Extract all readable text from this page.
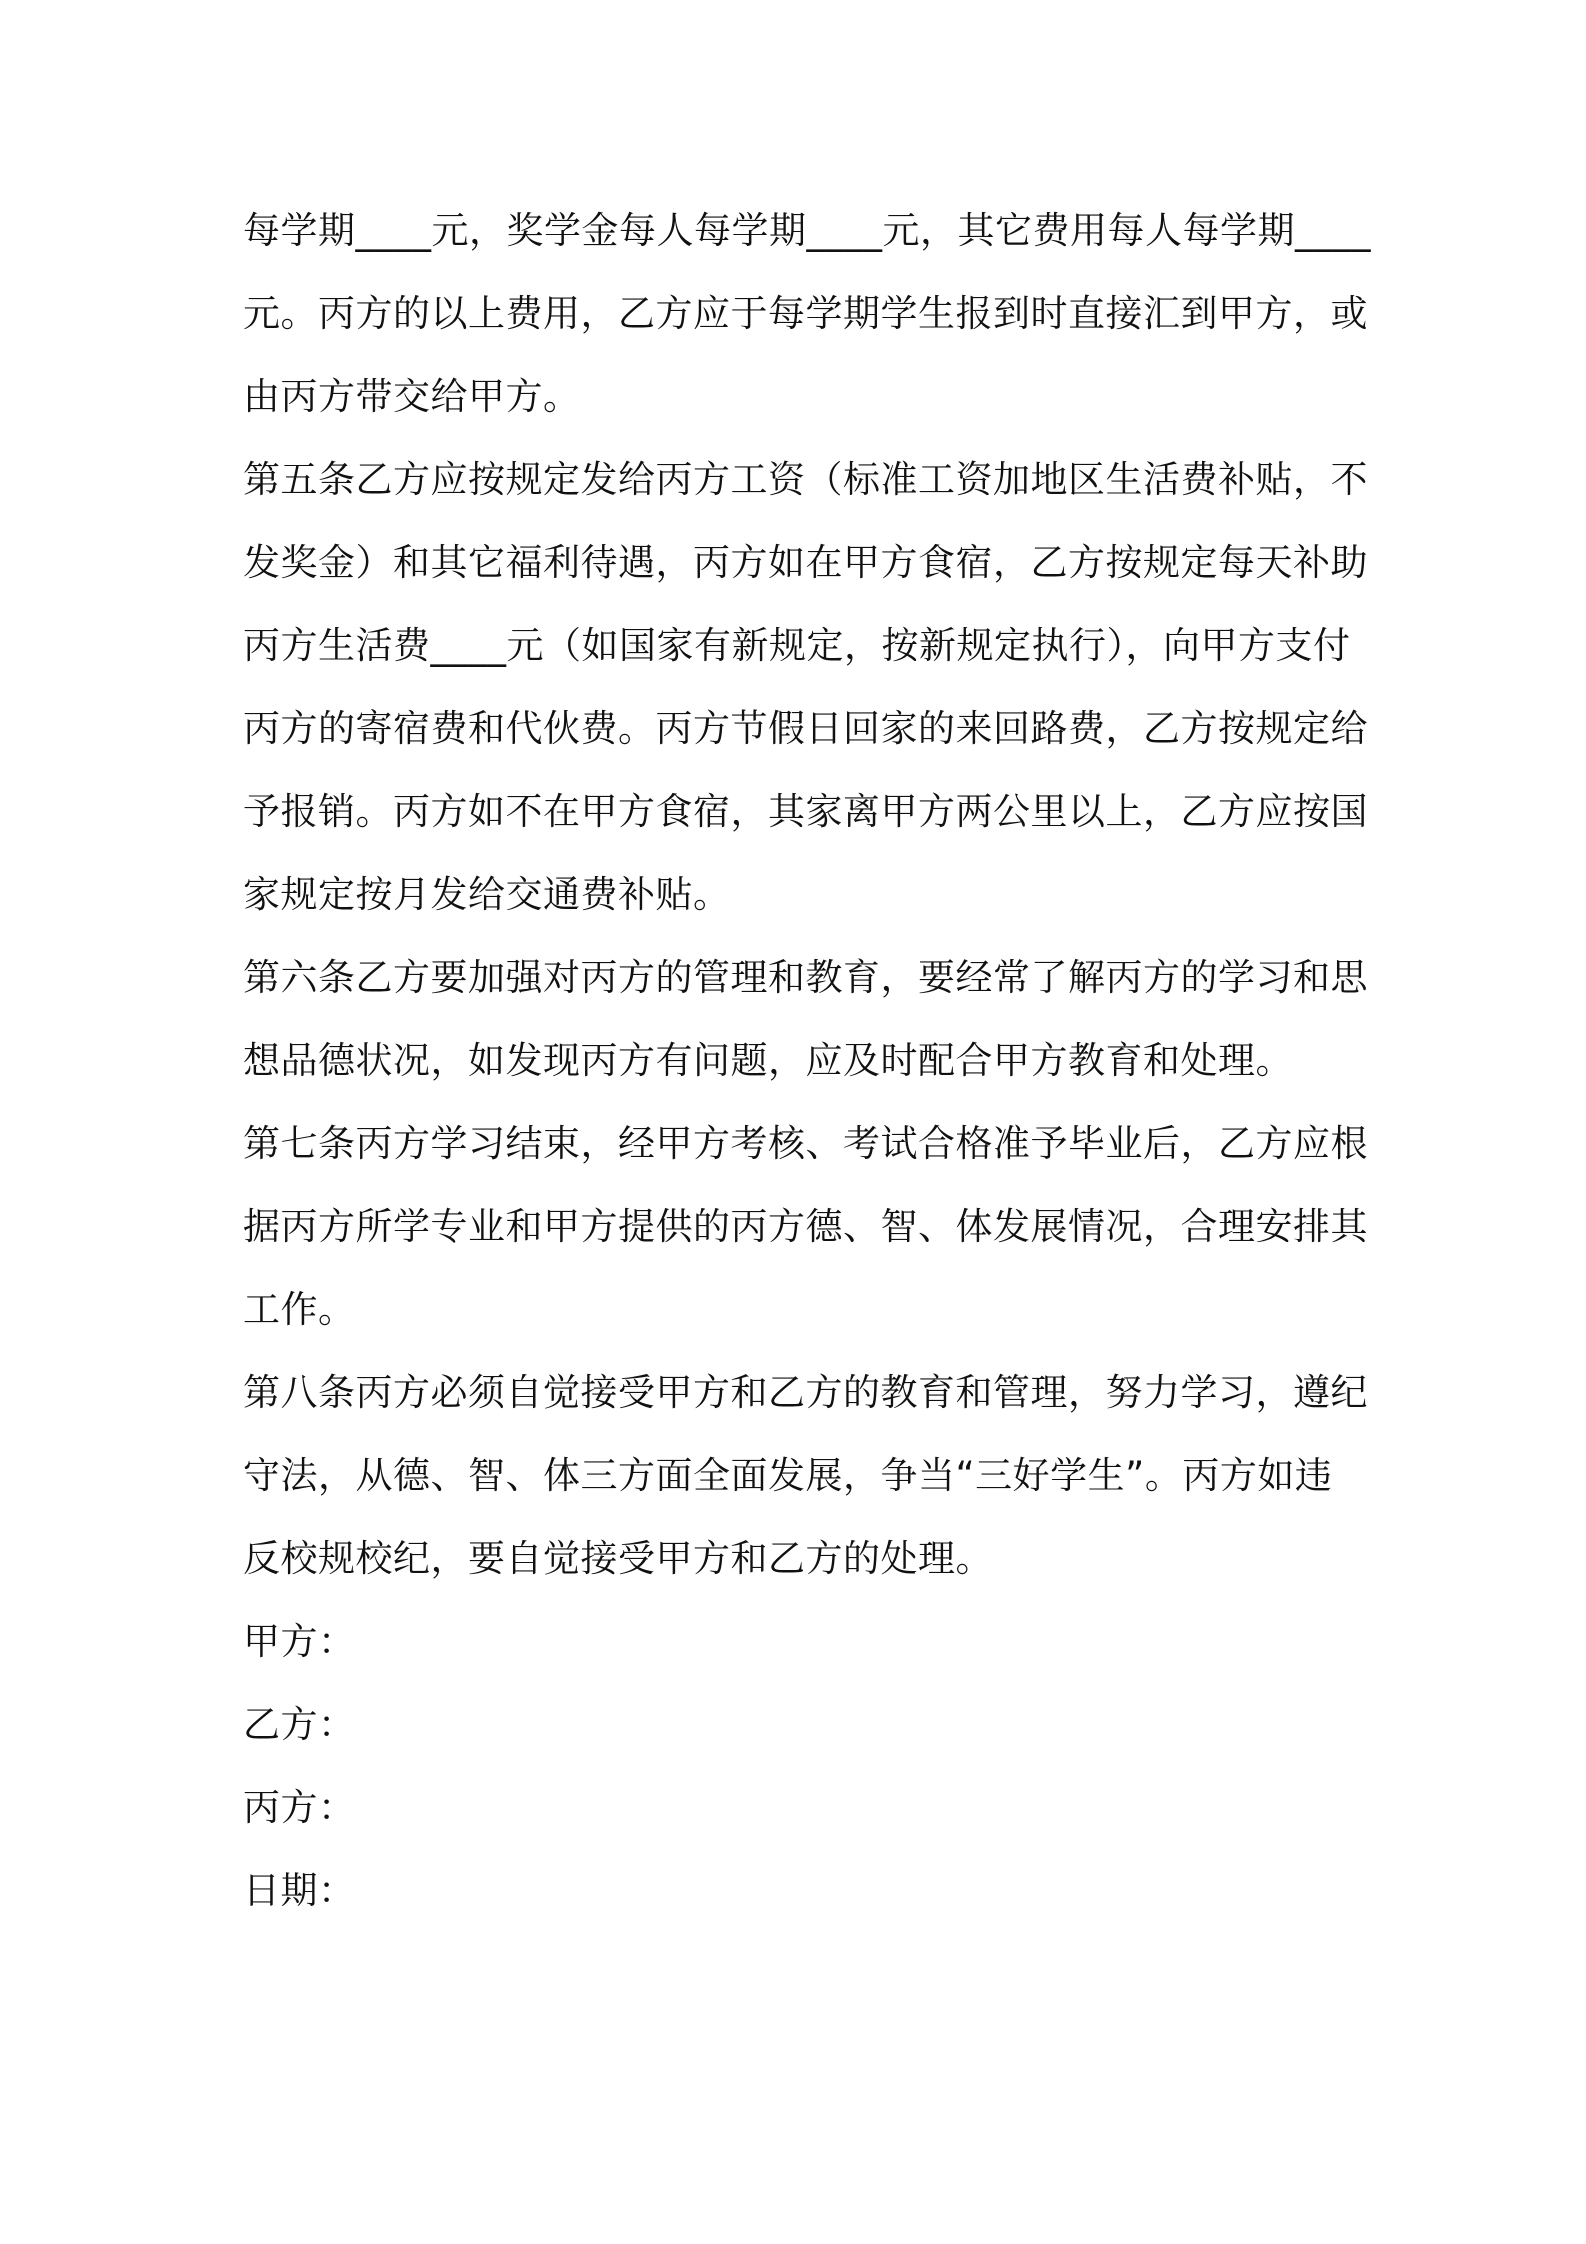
每学期____元，奖学金每人每学期____元，其它费用每人每学期____
元。丙方的以上费用，乙方应于每学期学生报到时直接汇到甲方，或
由丙方带交给甲方。
第五条乙方应按规定发给丙方工资（标准工资加地区生活费补贴，不
发奖金）和其它福利待遇，丙方如在甲方食宿，乙方按规定每天补助
丙方生活费____元（如国家有新规定，按新规定执行），向甲方支付
丙方的寄宿费和代伙费。丙方节假日回家的来回路费，乙方按规定给
予报销。丙方如不在甲方食宿，其家离甲方两公里以上，乙方应按国
家规定按月发给交通费补贴。
第六条乙方要加强对丙方的管理和教育，要经常了解丙方的学习和思
想品德状况，如发现丙方有问题，应及时配合甲方教育和处理。
第七条丙方学习结束，经甲方考核、考试合格准予毕业后，乙方应根
据丙方所学专业和甲方提供的丙方德、智、体发展情况，合理安排其
工作。
第八条丙方必须自觉接受甲方和乙方的教育和管理，努力学习，遵纪
守法，从德、智、体三方面全面发展，争当“三好学生”。丙方如违
反校规校纪，要自觉接受甲方和乙方的处理。
甲方：
乙方：
丙方：
日期：
